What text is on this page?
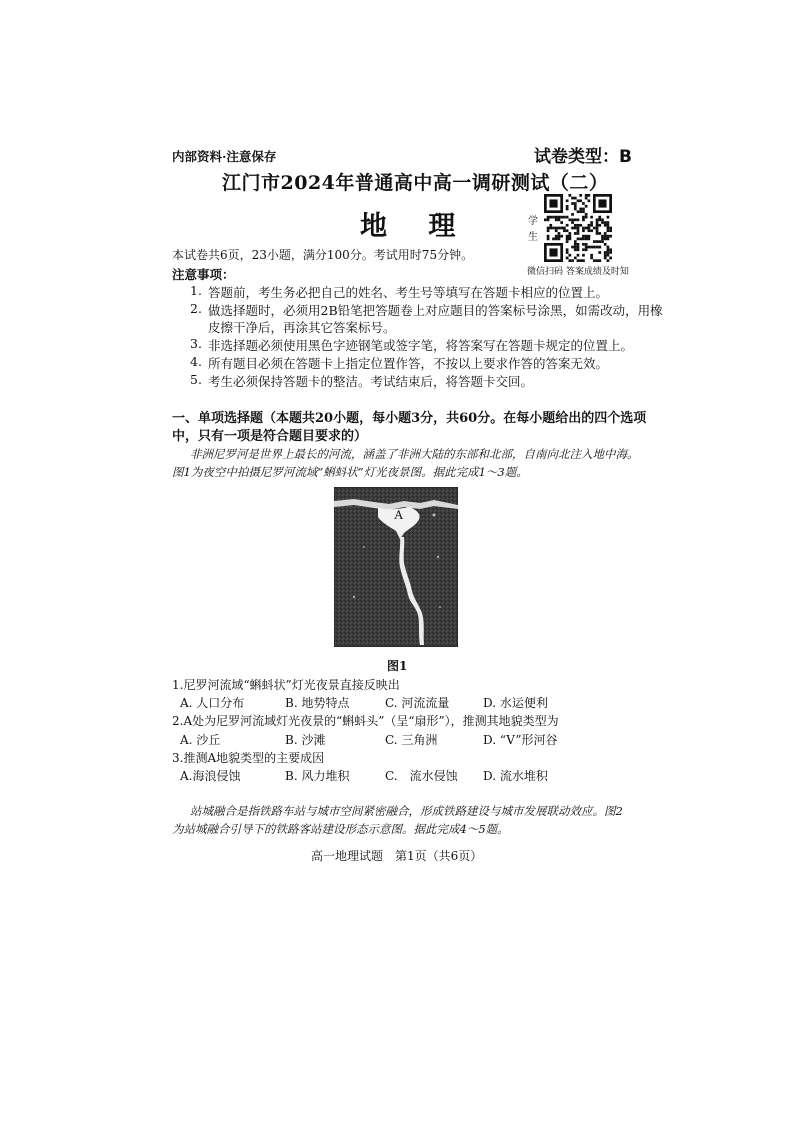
内部资料·注意保存	试卷类型：B
江门市2024年普通高中高一调研测试（二）
地 理	学生
微信扫码 答案成绩及时知
本试卷共6页，23小题，满分100分。考试用时75分钟。
注意事项：
1. 答题前，考生务必把自己的姓名、考生号等填写在答题卡相应的位置上。
2. 做选择题时，必须用2B铅笔把答题卷上对应题目的答案标号涂黑，如需改动，用橡
皮擦干净后，再涂其它答案标号。
3. 非选择题必须使用黑色字迹钢笔或签字笔，将答案写在答题卡规定的位置上。
4. 所有题目必须在答题卡上指定位置作答，不按以上要求作答的答案无效。
5. 考生必须保持答题卡的整洁。考试结束后，将答题卡交回。
一、单项选择题（本题共20小题，每小题3分，共60分。在每小题给出的四个选项
中，只有一项是符合题目要求的）
非洲尼罗河是世界上最长的河流，涵盖了非洲大陆的东部和北部，自南向北注入地中海。
图1为夜空中拍摄尼罗河流域“蝌蚪状”灯光夜景图。据此完成1～3题。
A
图1
1.尼罗河流域“蝌蚪状”灯光夜景直接反映出
A. 人口分布	B. 地势特点	C. 河流流量	D. 水运便利
2.A处为尼罗河流域灯光夜景的“蝌蚪头”（呈“扇形”），推测其地貌类型为
A. 沙丘	B. 沙滩	C. 三角洲	D. “V”形河谷
3.推测A地貌类型的主要成因
A.海浪侵蚀	B. 风力堆积	C.　流水侵蚀 D. 流水堆积
站城融合是指铁路车站与城市空间紧密融合，形成铁路建设与城市发展联动效应。图2
为站城融合引导下的铁路客站建设形态示意图。据此完成4～5题。
高一地理试题　第1页（共6页）
